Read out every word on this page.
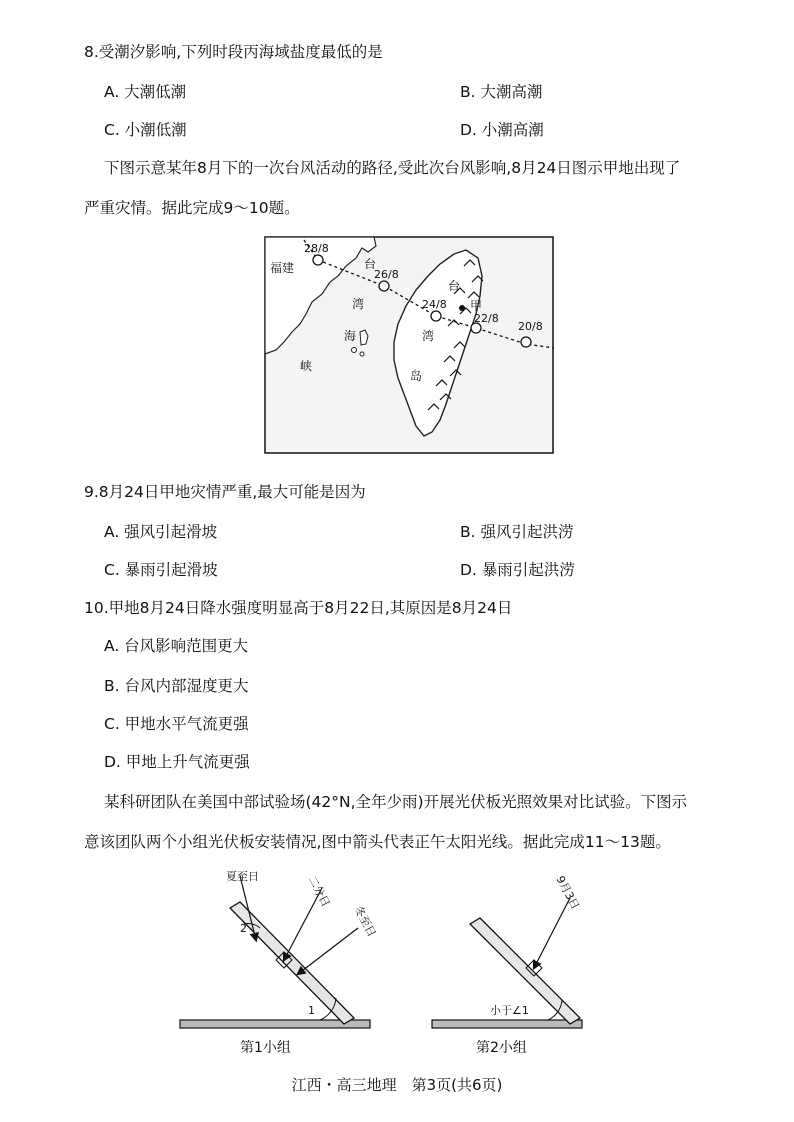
8.受潮汐影响,下列时段丙海域盐度最低的是
A. 大潮低潮	B. 大潮高潮
C. 小潮低潮	D. 小潮高潮
下图示意某年8月下的一次台风活动的路径,受此次台风影响,8月24日图示甲地出现了
严重灾情。据此完成9～10题。
福建	台
湾
海
峡
台
湾
岛
甲
28/8
26/8
24/8
22/8
20/8
9.8月24日甲地灾情严重,最大可能是因为
A. 强风引起滑坡	B. 强风引起洪涝
C. 暴雨引起滑坡	D. 暴雨引起洪涝
10.甲地8月24日降水强度明显高于8月22日,其原因是8月24日
A. 台风影响范围更大
B. 台风内部湿度更大
C. 甲地水平气流更强
D. 甲地上升气流更强
某科研团队在美国中部试验场(42°N,全年少雨)开展光伏板光照效果对比试验。下图示
意该团队两个小组光伏板安装情况,图中箭头代表正午太阳光线。据此完成11～13题。
夏至日	二分日
冬至日
2
1
第1小组
9月3日
小于∠1
第2小组
江西・高三地理　第3页(共6页)
